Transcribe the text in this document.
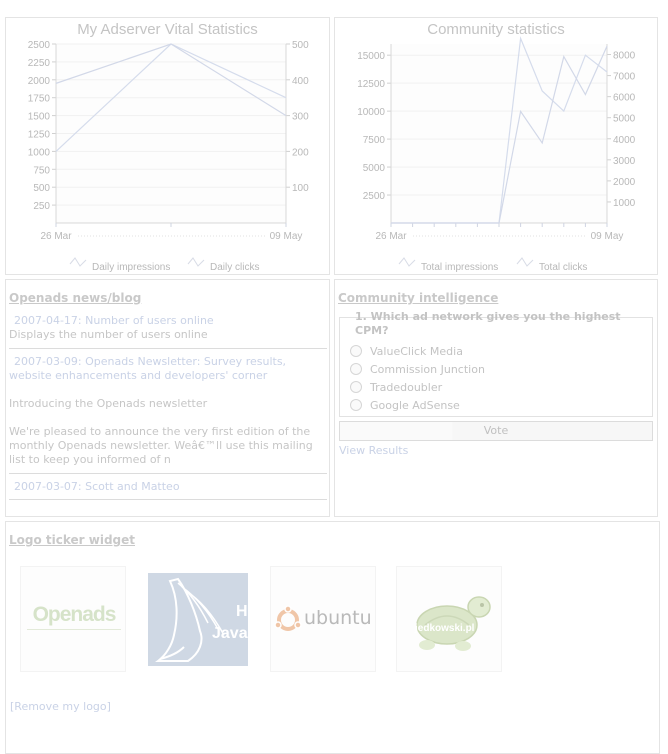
My Adserver Vital Statistics
250
500
750
1000
1250
1500
1750
2000
2250
2500
100
200
300
400
500
26 Mar	09 May
Daily impressions	Daily clicks
Community statistics
2500
5000
7500
10000
12500
15000
1000
2000
3000
4000
5000
6000
7000
8000
26 Mar	09 May
Total impressions	Total clicks
Openads news/blog
2007-04-17: Number of users online
Displays the number of users online
2007-03-09: Openads Newsletter: Survey results, website enhancements and developers' corner
Introducing the Openads newsletter
We're pleased to announce the very first edition of the monthly Openads newsletter. Weâ€™ll use this mailing list to keep you informed of n
2007-03-07: Scott and Matteo
Community intelligence
1. Which ad network gives you the highest CPM?
ValueClick Media
Commission Junction
Tradedoubler
Google AdSense
Vote
View Results
Logo ticker widget
Openads	H
Java
ubuntu	jedkowski.pl
[Remove my logo]
